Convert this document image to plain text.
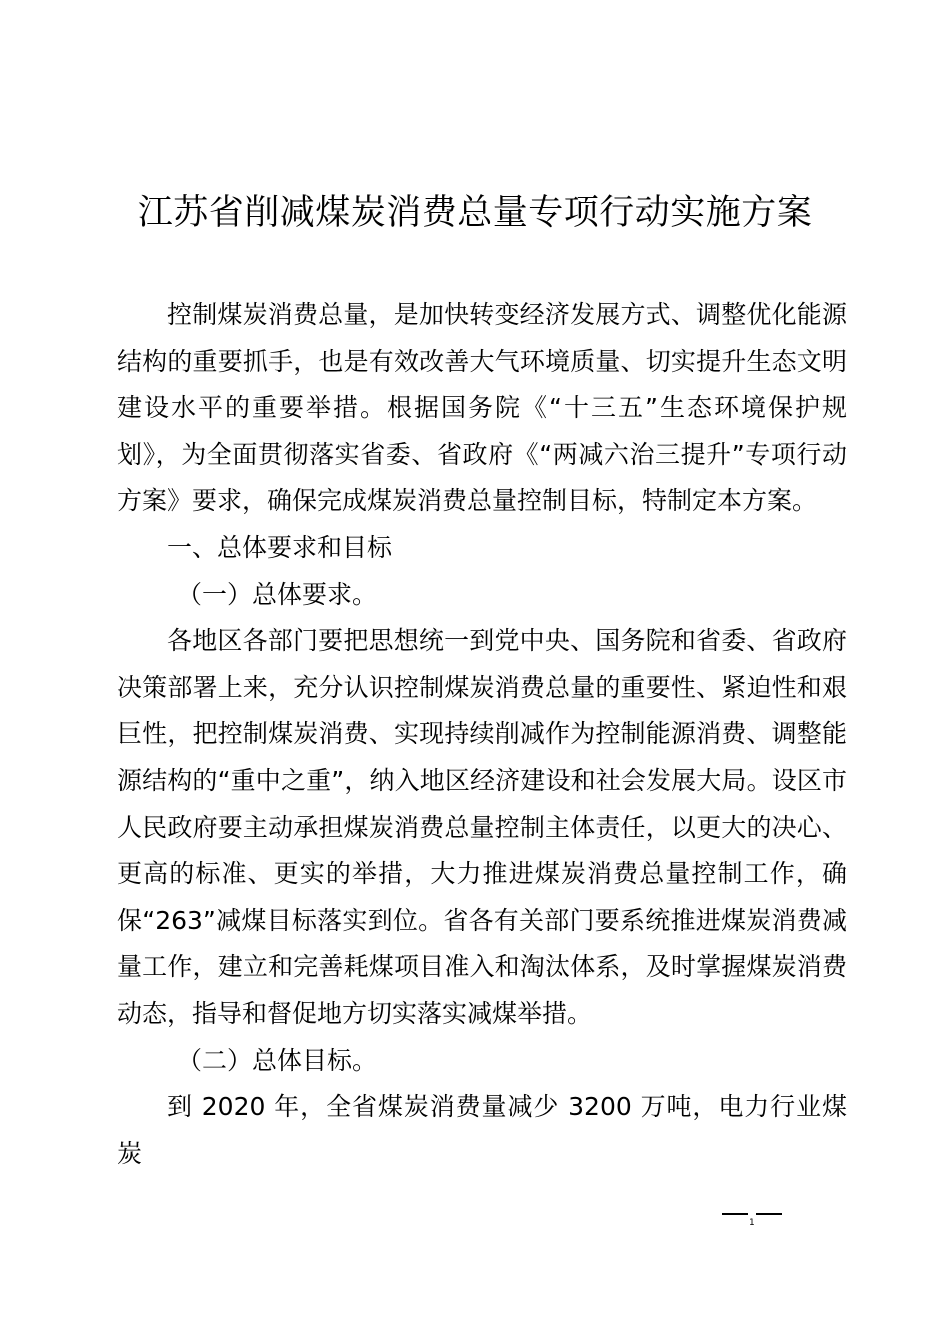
江苏省削减煤炭消费总量专项行动实施方案

控制煤炭消费总量，是加快转变经济发展方式、调整优化能源结构的重要抓手，也是有效改善大气环境质量、切实提升生态文明建设水平的重要举措。根据国务院《“十三五”生态环境保护规划》，为全面贯彻落实省委、省政府《“两减六治三提升”专项行动方案》要求，确保完成煤炭消费总量控制目标，特制定本方案。

一、总体要求和目标

（一）总体要求。

各地区各部门要把思想统一到党中央、国务院和省委、省政府决策部署上来，充分认识控制煤炭消费总量的重要性、紧迫性和艰巨性，把控制煤炭消费、实现持续削减作为控制能源消费、调整能源结构的“重中之重”，纳入地区经济建设和社会发展大局。设区市人民政府要主动承担煤炭消费总量控制主体责任，以更大的决心、更高的标准、更实的举措，大力推进煤炭消费总量控制工作，确保“263”减煤目标落实到位。省各有关部门要系统推进煤炭消费减量工作，建立和完善耗煤项目准入和淘汰体系，及时掌握煤炭消费动态，指导和督促地方切实落实减煤举措。

（二）总体目标。

到 2020 年，全省煤炭消费量减少 3200 万吨，电力行业煤炭

1
